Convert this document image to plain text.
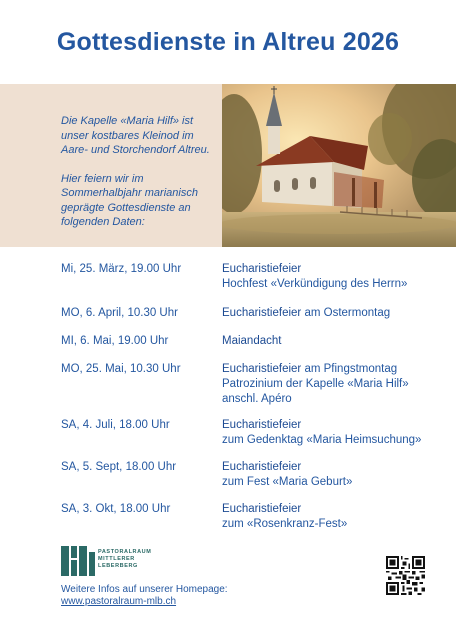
Gottesdienste in Altreu 2026

Die Kapelle «Maria Hilf» ist unser kostbares Kleinod im Aare- und Storchendorf Altreu.

Hier feiern wir im Sommerhalbjahr marianisch geprägte Gottesdienste an folgenden Daten:

Mi, 25. März, 19.00 Uhr	Eucharistiefeier
Hochfest «Verkündigung des Herrn»
MO, 6. April, 10.30 Uhr	Eucharistiefeier am Ostermontag
MI, 6. Mai, 19.00 Uhr	Maiandacht
MO, 25. Mai, 10.30 Uhr	Eucharistiefeier am Pfingstmontag
Patrozinium der Kapelle «Maria Hilf»
anschl. Apéro
SA, 4. Juli, 18.00 Uhr	Eucharistiefeier
zum Gedenktag «Maria Heimsuchung»
SA, 5. Sept, 18.00 Uhr	Eucharistiefeier
zum Fest «Maria Geburt»
SA, 3. Okt, 18.00 Uhr	Eucharistiefeier
zum «Rosenkranz-Fest»
PASTORALRAUM
MITTLERER
LEBERBERG
Weitere Infos auf unserer Homepage:
www.pastoralraum-mlb.ch
